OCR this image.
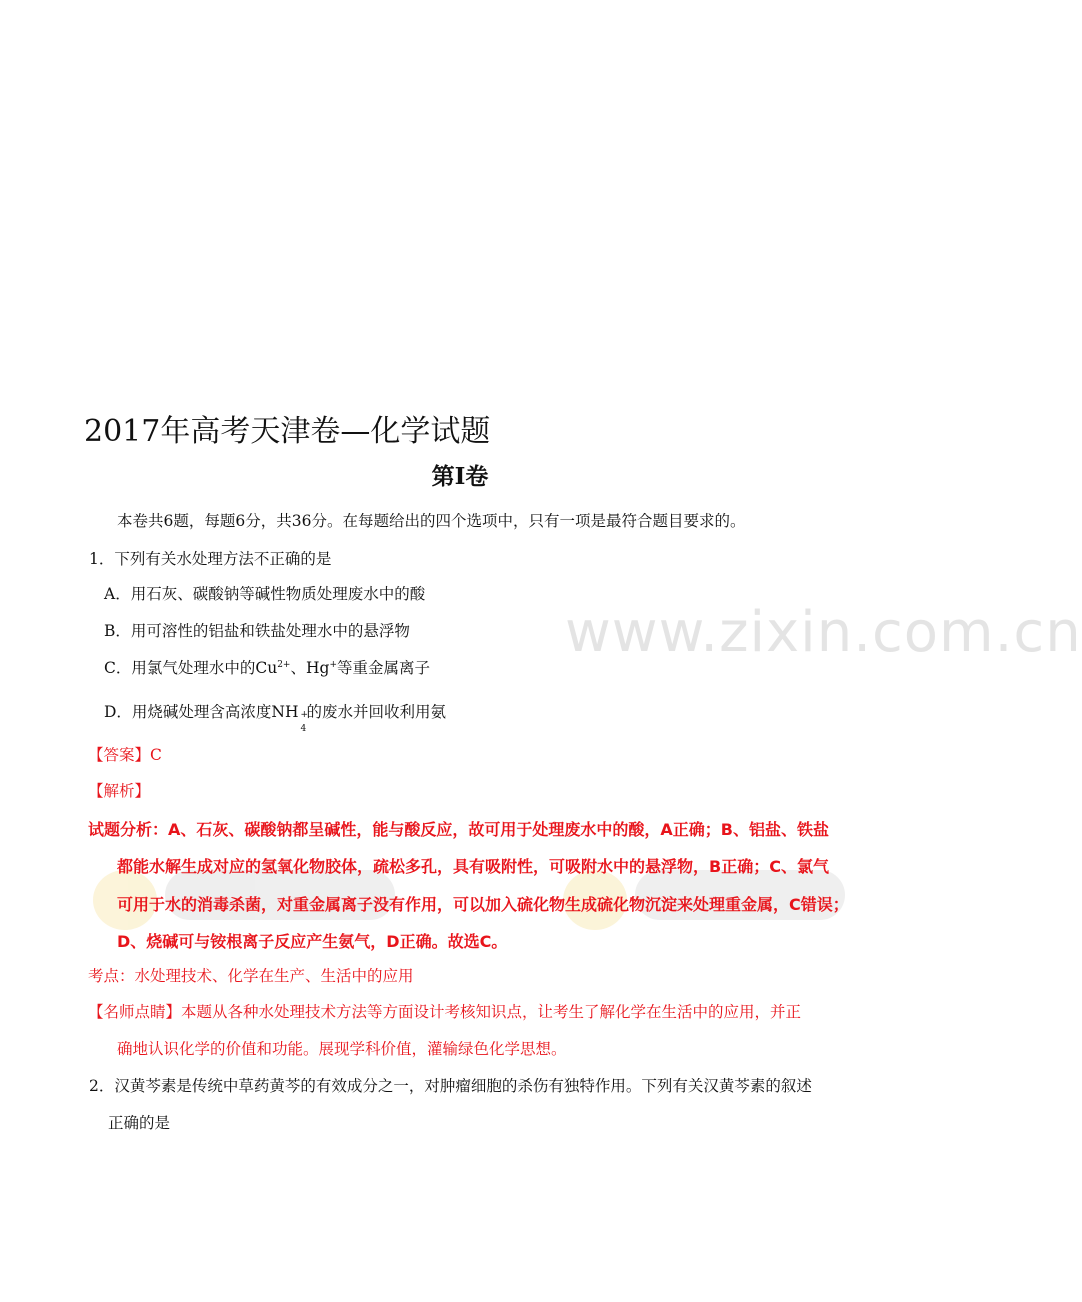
www.zixin.com.cn
2017年高考天津卷—化学试题
第Ⅰ卷
本卷共6题，每题6分，共36分。在每题给出的四个选项中，只有一项是最符合题目要求的。
1．下列有关水处理方法不正确的是
A．用石灰、碳酸钠等碱性物质处理废水中的酸
B．用可溶性的铝盐和铁盐处理水中的悬浮物
C．用氯气处理水中的$Cu^{2+}$、Hg+等重金属离子
D．用烧碱处理含高浓度NH +
4
的废水并回收利用氨
【答案】C
【解析】
试题分析：A、石灰、碳酸钠都呈碱性，能与酸反应，故可用于处理废水中的酸，A正确；B、铝盐、铁盐
都能水解生成对应的氢氧化物胶体，疏松多孔，具有吸附性，可吸附水中的悬浮物，B正确；C、氯气
可用于水的消毒杀菌，对重金属离子没有作用，可以加入硫化物生成硫化物沉淀来处理重金属，C错误；
D、烧碱可与铵根离子反应产生氨气，D正确。故选C。
考点：水处理技术、化学在生产、生活中的应用
【名师点睛】本题从各种水处理技术方法等方面设计考核知识点，让考生了解化学在生活中的应用，并正
确地认识化学的价值和功能。展现学科价值，灌输绿色化学思想。
2．汉黄芩素是传统中草药黄芩的有效成分之一，对肿瘤细胞的杀伤有独特作用。下列有关汉黄芩素的叙述
正确的是
